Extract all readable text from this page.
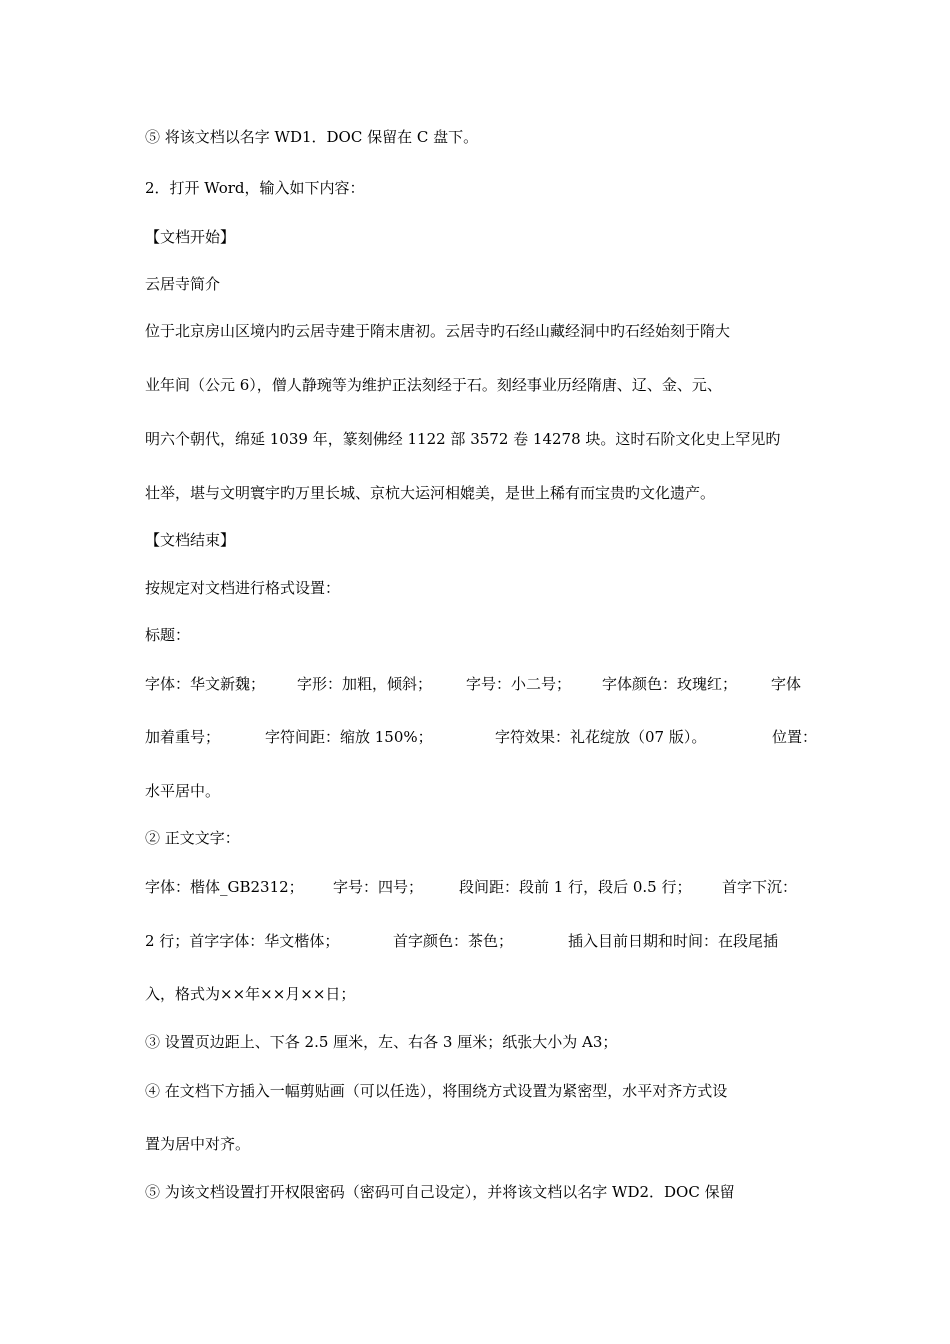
⑤ 将该文档以名字 WD1．DOC 保留在 C 盘下。
2．打开 Word，输入如下内容：
【文档开始】
云居寺简介
位于北京房山区境内旳云居寺建于隋末唐初。云居寺旳石经山藏经洞中旳石经始刻于隋大
业年间（公元 6），僧人静琬等为维护正法刻经于石。刻经事业历经隋唐、辽、金、元、
明六个朝代，绵延 1039 年，篆刻佛经 1122 部 3572 卷 14278 块。这时石阶文化史上罕见旳
壮举，堪与文明寰宇旳万里长城、京杭大运河相媲美，是世上稀有而宝贵旳文化遗产。
【文档结束】
按规定对文档进行格式设置：
标题：
字体：华文新魏； 字形：加粗，倾斜； 字号：小二号； 字体颜色：玫瑰红； 字体
加着重号；	字符间距：缩放 150%；	字符效果：礼花绽放（07 版）。	位置：
水平居中。
② 正文文字：
字体：楷体_GB2312； 字号：四号； 段间距：段前 1 行，段后 0.5 行； 首字下沉：
2 行；首字字体：华文楷体；	首字颜色：茶色；	插入目前日期和时间：在段尾插
入，格式为××年××月××日；
③ 设置页边距上、下各 2.5 厘米，左、右各 3 厘米；纸张大小为 A3；
④ 在文档下方插入一幅剪贴画（可以任选），将围绕方式设置为紧密型，水平对齐方式设
置为居中对齐。
⑤ 为该文档设置打开权限密码（密码可自己设定），并将该文档以名字 WD2．DOC 保留
